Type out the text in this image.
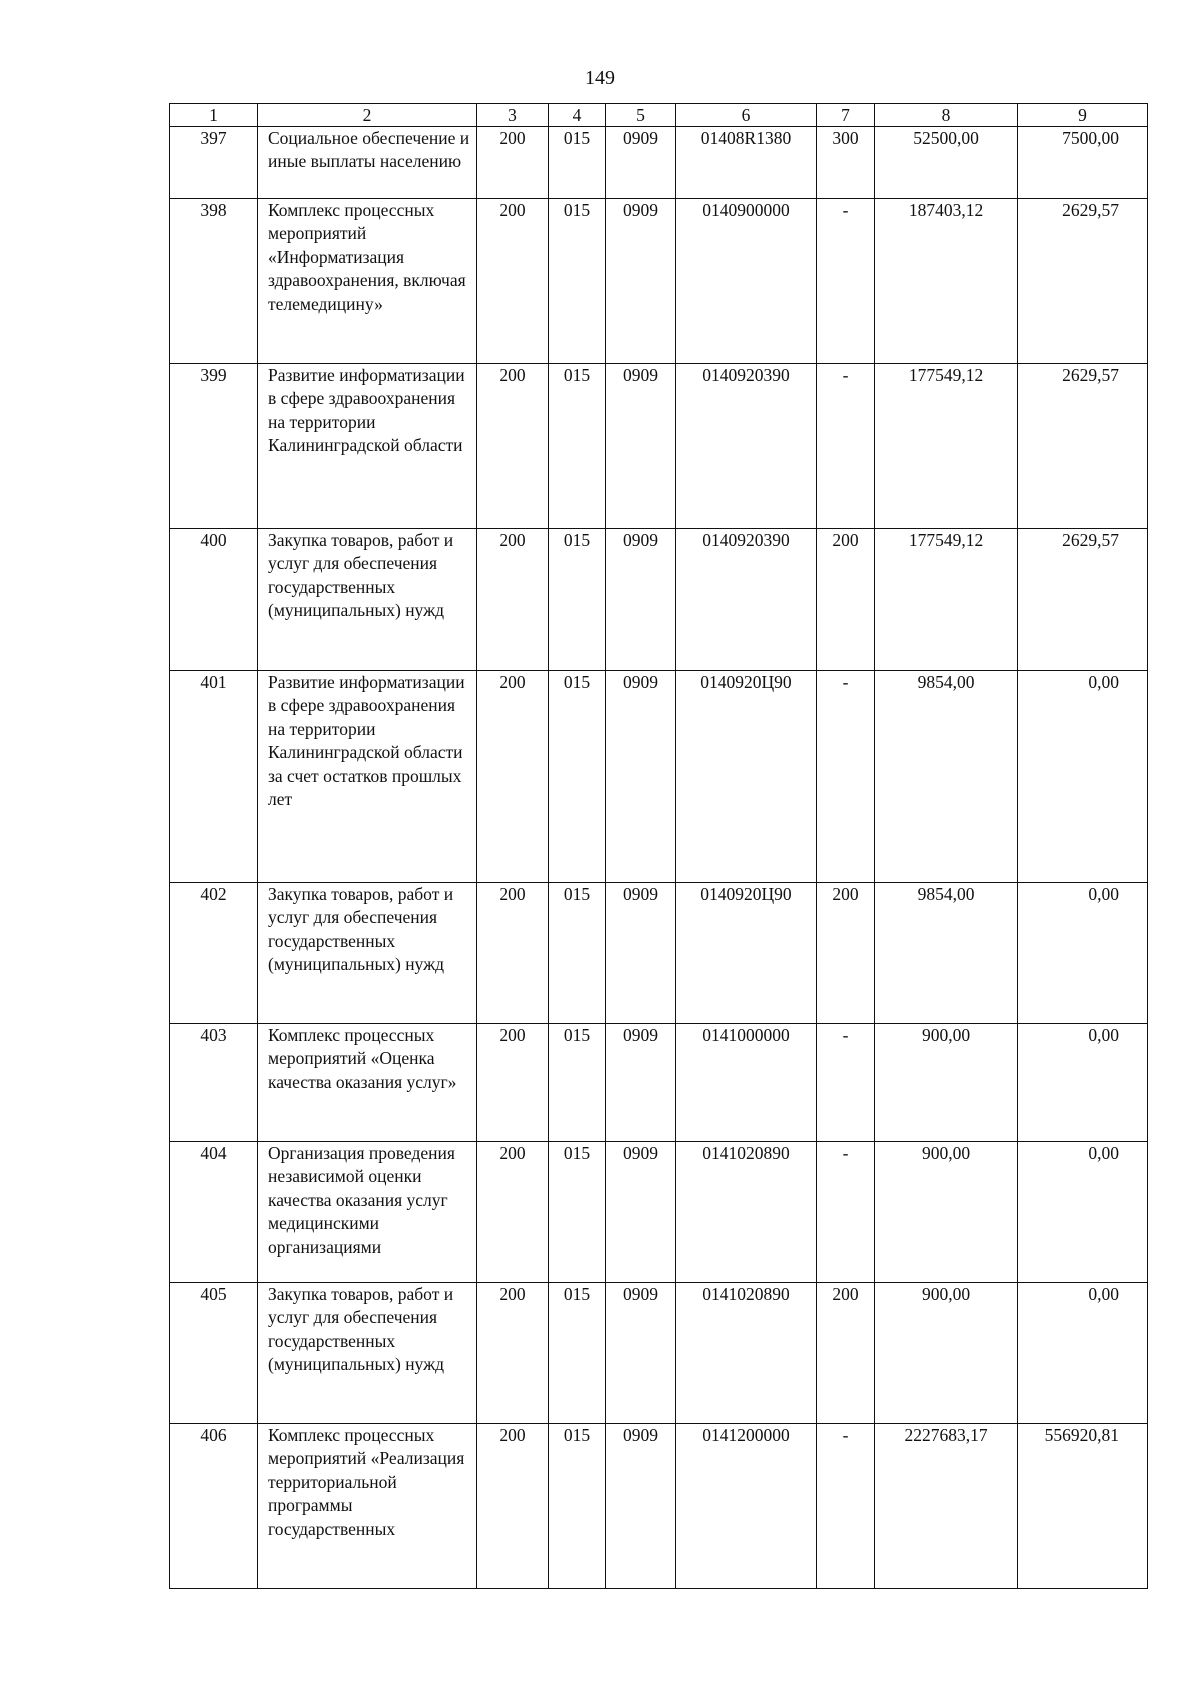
149
1	2	3	4	5	6	7	8	9
397	Социальное обеспечение и иные выплаты населению	200	015	0909	01408R1380	300	52500,00	7500,00
398	Комплекс процессных мероприятий «Информатизация здравоохранения, включая телемедицину»	200	015	0909	0140900000	-	187403,12	2629,57
399	Развитие информатизации в сфере здравоохранения на территории Калининградской области	200	015	0909	0140920390	-	177549,12	2629,57
400	Закупка товаров, работ и услуг для обеспечения государственных (муниципальных) нужд	200	015	0909	0140920390	200	177549,12	2629,57
401	Развитие информатизации в сфере здравоохранения на территории Калининградской области за счет остатков прошлых лет	200	015	0909	0140920Ц90	-	9854,00	0,00
402	Закупка товаров, работ и услуг для обеспечения государственных (муниципальных) нужд	200	015	0909	0140920Ц90	200	9854,00	0,00
403	Комплекс процессных мероприятий «Оценка качества оказания услуг»	200	015	0909	0141000000	-	900,00	0,00
404	Организация проведения независимой оценки качества оказания услуг медицинскими организациями	200	015	0909	0141020890	-	900,00	0,00
405	Закупка товаров, работ и услуг для обеспечения государственных (муниципальных) нужд	200	015	0909	0141020890	200	900,00	0,00
406	Комплекс процессных мероприятий «Реализация территориальной программы государственных	200	015	0909	0141200000	-	2227683,17	556920,81
